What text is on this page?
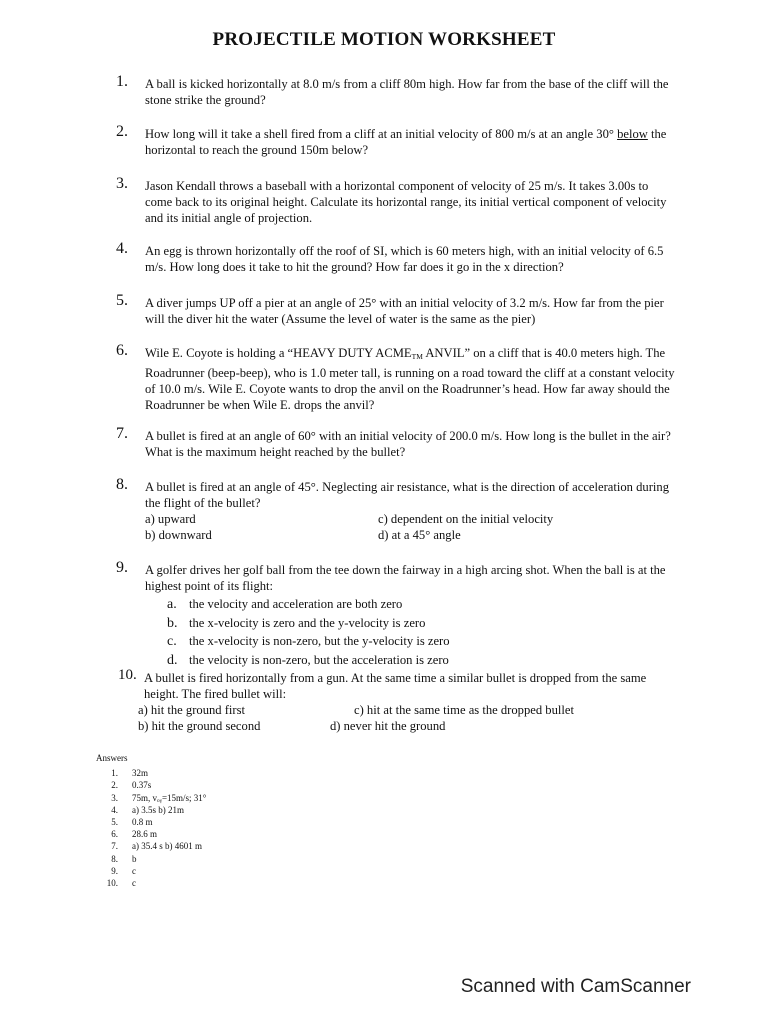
PROJECTILE MOTION WORKSHEET
1. A ball is kicked horizontally at 8.0 m/s from a cliff 80m high. How far from the base of the cliff will the stone strike the ground?
2. How long will it take a shell fired from a cliff at an initial velocity of 800 m/s at an angle 30° below the horizontal to reach the ground 150m below?
3. Jason Kendall throws a baseball with a horizontal component of velocity of 25 m/s. It takes 3.00s to come back to its original height. Calculate its horizontal range, its initial vertical component of velocity and its initial angle of projection.
4. An egg is thrown horizontally off the roof of SI, which is 60 meters high, with an initial velocity of 6.5 m/s. How long does it take to hit the ground? How far does it go in the x direction?
5. A diver jumps UP off a pier at an angle of 25° with an initial velocity of 3.2 m/s. How far from the pier will the diver hit the water (Assume the level of water is the same as the pier)
6. Wile E. Coyote is holding a “HEAVY DUTY $ACME_{TM}$ ANVIL” on a cliff that is 40.0 meters high. The Roadrunner (beep-beep), who is 1.0 meter tall, is running on a road toward the cliff at a constant velocity of 10.0 m/s. Wile E. Coyote wants to drop the anvil on the Roadrunner’s head. How far away should the Roadrunner be when Wile E. drops the anvil?
7. A bullet is fired at an angle of 60° with an initial velocity of 200.0 m/s. How long is the bullet in the air? What is the maximum height reached by the bullet?
8. A bullet is fired at an angle of 45°. Neglecting air resistance, what is the direction of acceleration during the flight of the bullet?
a) upward
b) downward
c) dependent on the initial velocity
d) at a 45° angle
9. A golfer drives her golf ball from the tee down the fairway in a high arcing shot. When the ball is at the highest point of its flight:
a. the velocity and acceleration are both zero
b. the x-velocity is zero and the y-velocity is zero
c. the x-velocity is non-zero, but the y-velocity is zero
d. the velocity is non-zero, but the acceleration is zero
10. A bullet is fired horizontally from a gun. At the same time a similar bullet is dropped from the same height. The fired bullet will:
a) hit the ground first
b) hit the ground second
c) hit at the same time as the dropped bullet
d) never hit the ground
Answers
1. 32m
2. 0.37s
3. 75m, vₒᵧ=15m/s; 31°
4. a) 3.5s b) 21m
5. 0.8 m
6. 28.6 m
7. a) 35.4 s b) 4601 m
8. b
9. c
10. c
Scanned with CamScanner
